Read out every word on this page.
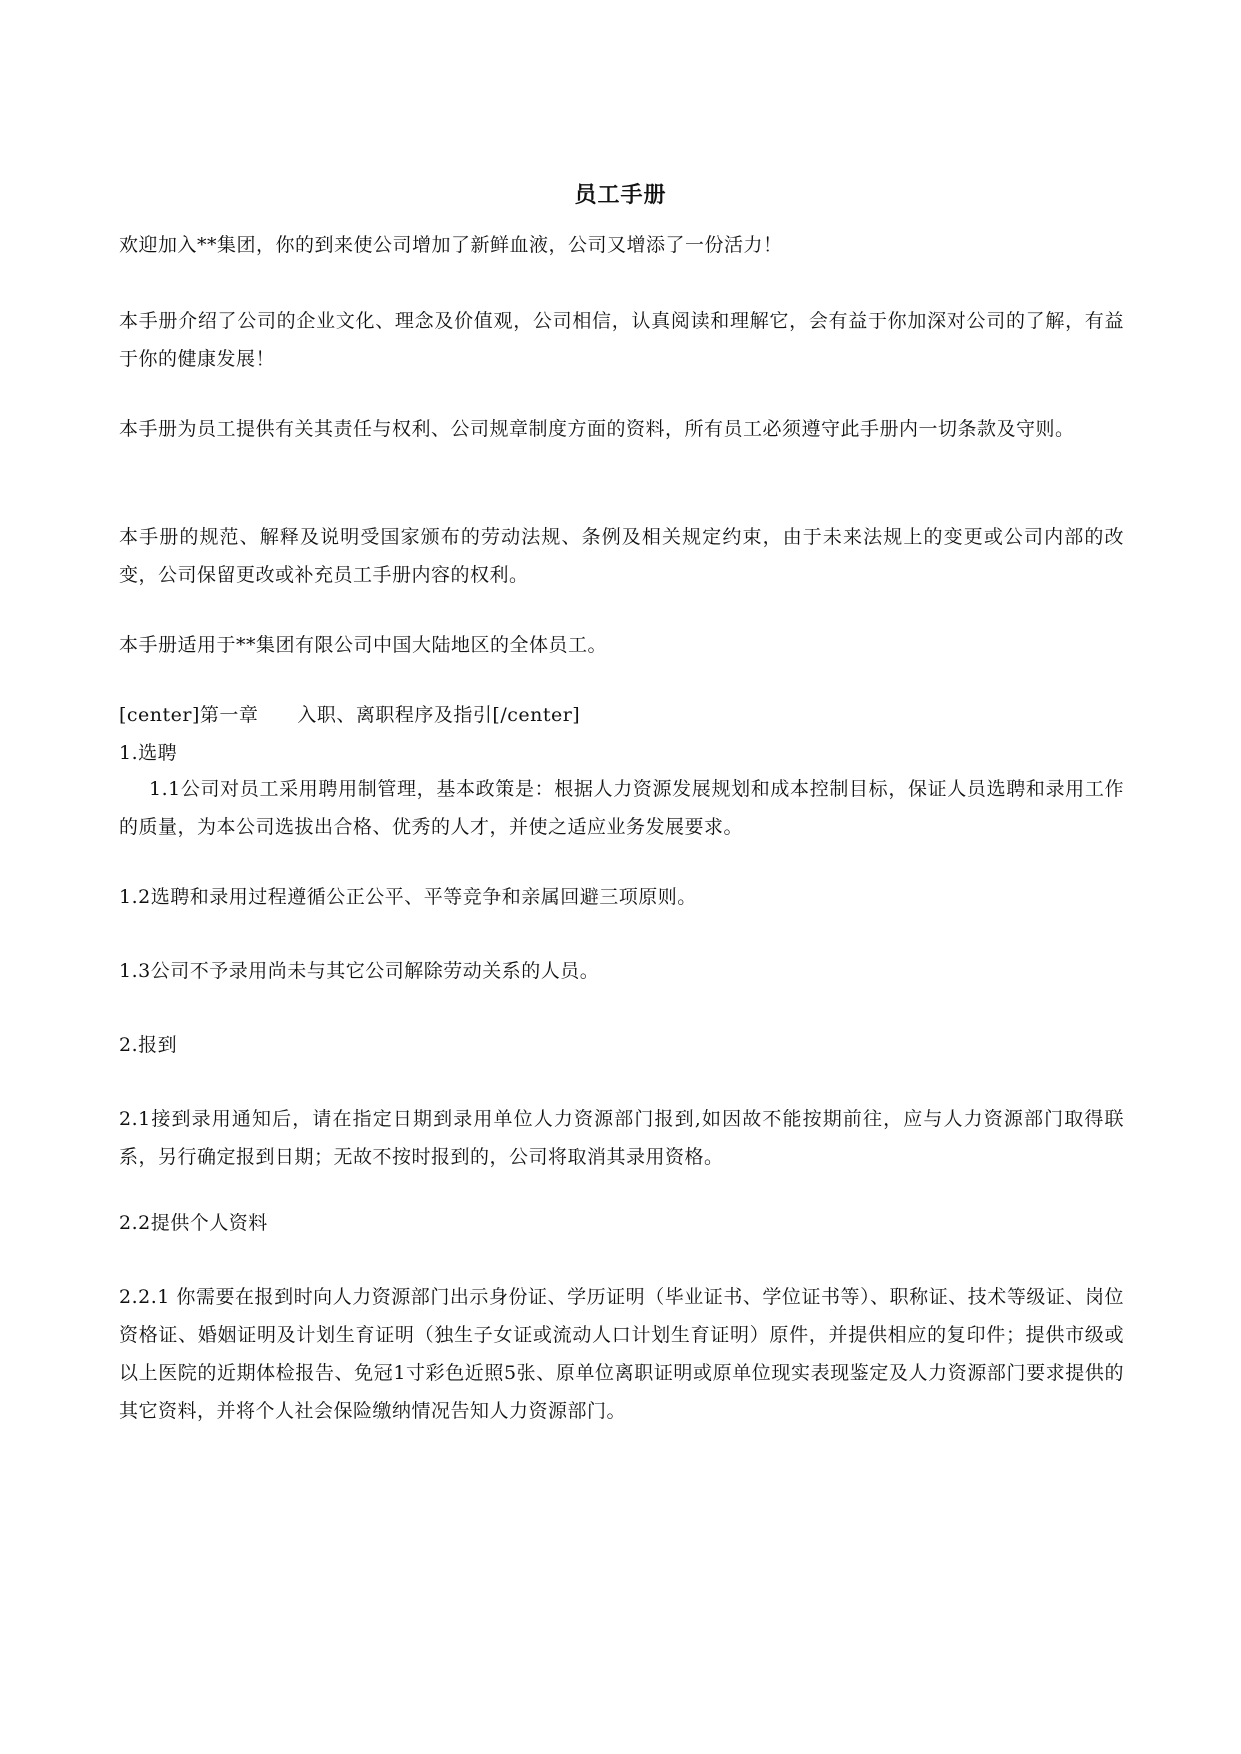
员工手册
欢迎加入**集团，你的到来使公司增加了新鲜血液，公司又增添了一份活力！
本手册介绍了公司的企业文化、理念及价值观，公司相信，认真阅读和理解它，会有益于你加深对公司的了解，有益于你的健康发展！
本手册为员工提供有关其责任与权利、公司规章制度方面的资料，所有员工必须遵守此手册内一切条款及守则。
本手册的规范、解释及说明受国家颁布的劳动法规、条例及相关规定约束，由于未来法规上的变更或公司内部的改变，公司保留更改或补充员工手册内容的权利。
本手册适用于**集团有限公司中国大陆地区的全体员工。
[center]第一章　　入职、离职程序及指引[/center]
1.选聘
1.1公司对员工采用聘用制管理，基本政策是：根据人力资源发展规划和成本控制目标，保证人员选聘和录用工作的质量，为本公司选拔出合格、优秀的人才，并使之适应业务发展要求。
1.2选聘和录用过程遵循公正公平、平等竞争和亲属回避三项原则。
1.3公司不予录用尚未与其它公司解除劳动关系的人员。
2.报到
2.1接到录用通知后，请在指定日期到录用单位人力资源部门报到,如因故不能按期前往，应与人力资源部门取得联系，另行确定报到日期；无故不按时报到的，公司将取消其录用资格。
2.2提供个人资料
2.2.1 你需要在报到时向人力资源部门出示身份证、学历证明（毕业证书、学位证书等）、职称证、技术等级证、岗位资格证、婚姻证明及计划生育证明（独生子女证或流动人口计划生育证明）原件，并提供相应的复印件；提供市级或以上医院的近期体检报告、免冠1寸彩色近照5张、原单位离职证明或原单位现实表现鉴定及人力资源部门要求提供的其它资料，并将个人社会保险缴纳情况告知人力资源部门。
